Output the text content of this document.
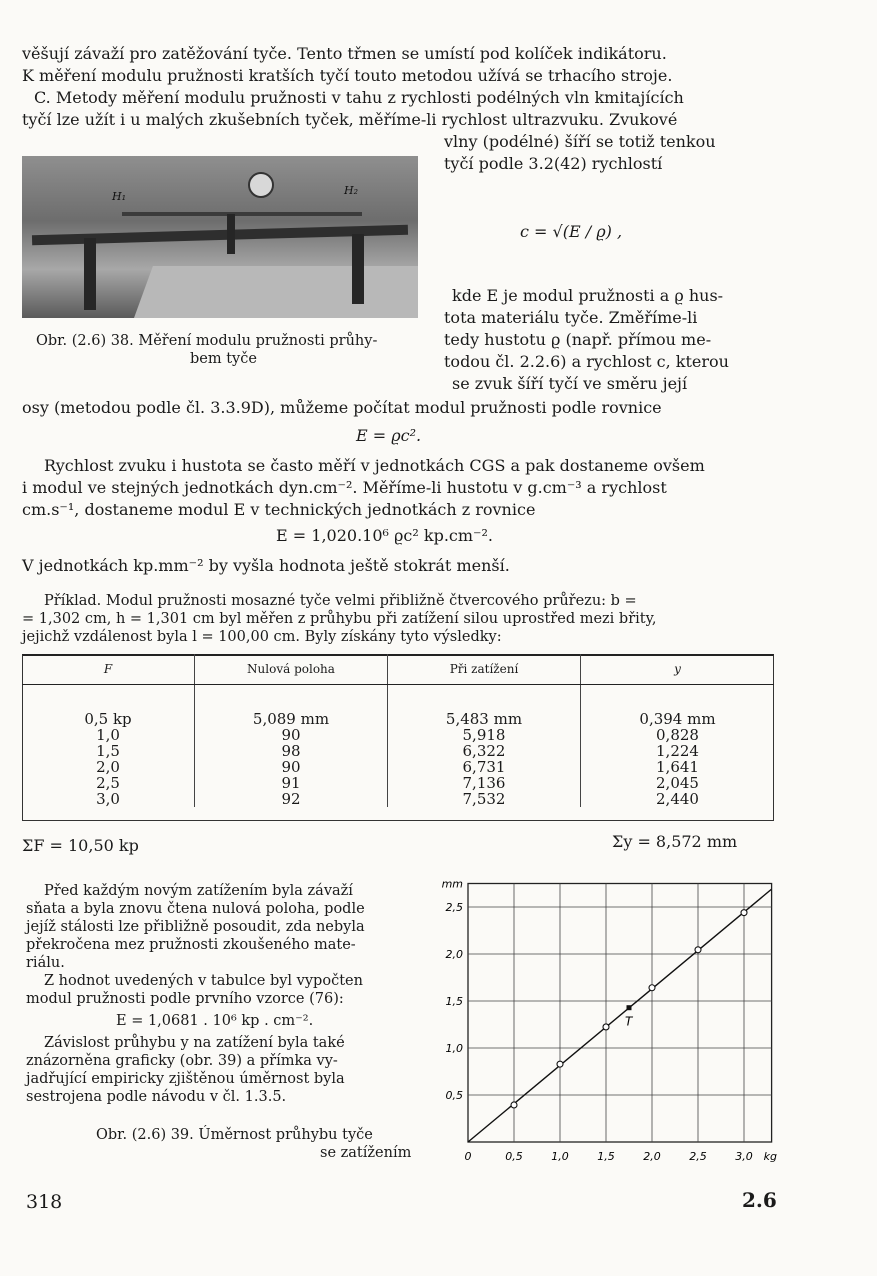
věšují závaží pro zatěžování tyče. Tento třmen se umístí pod kolíček indikátoru.
K měření modulu pružnosti kratších tyčí touto metodou užívá se trhacího stroje.
C. Metody měření modulu pružnosti v tahu z rychlosti podélných vln kmitajících
tyčí lze užít i u malých zkušebních tyček, měříme-li rychlost ultrazvuku. Zvukové
vlny (podélné) šíří se totiž tenkou
tyčí podle 3.2(42) rychlostí
H₁	H₂
c = √(E / ϱ) ,
kde E je modul pružnosti a ϱ hus-
tota materiálu tyče. Změříme-li
tedy hustotu ϱ (např. přímou me-
todou čl. 2.2.6) a rychlost c, kterou
se zvuk šíří tyčí ve směru její
Obr. (2.6) 38. Měření modulu pružnosti průhy-
bem tyče
osy (metodou podle čl. 3.3.9D), můžeme počítat modul pružnosti podle rovnice
E = ϱc².
Rychlost zvuku i hustota se často měří v jednotkách CGS a pak dostaneme ovšem
i modul ve stejných jednotkách dyn.cm⁻². Měříme-li hustotu v g.cm⁻³ a rychlost
cm.s⁻¹, dostaneme modul E v technických jednotkách z rovnice
E = 1,020.10⁶ ϱc² kp.cm⁻².
V jednotkách kp.mm⁻² by vyšla hodnota ještě stokrát menší.
Příklad. Modul pružnosti mosazné tyče velmi přibližně čtvercového průřezu: b =
= 1,302 cm, h = 1,301 cm byl měřen z průhybu při zatížení silou uprostřed mezi břity,
jejichž vzdálenost byla l = 100,00 cm. Byly získány tyto výsledky:
F	Nulová poloha	Při zatížení	y
0,5 kp	5,089 mm	5,483 mm	0,394 mm
1,0	90	5,918	0,828
1,5	98	6,322	1,224
2,0	90	6,731	1,641
2,5	91	7,136	2,045
3,0	92	7,532	2,440
ΣF = 10,50 kp	Σy = 8,572 mm
Před každým novým zatížením byla závaží
sňata a byla znovu čtena nulová poloha, podle
jejíž stálosti lze přibližně posoudit, zda nebyla
překročena mez pružnosti zkoušeného mate-
riálu.
Z hodnot uvedených v tabulce byl vypočten
modul pružnosti podle prvního vzorce (76):
E = 1,0681 . 10⁶ kp . cm⁻².
Závislost průhybu y na zatížení byla také
znázorněna graficky (obr. 39) a přímka vy-
jadřující empiricky zjištěnou úměrnost byla
sestrojena podle návodu v čl. 1.3.5.
Obr. (2.6) 39. Úměrnost průhybu tyče
se zatížením
T
0	0,5	1,0	1,5	2,0	2,5	3,0
0,5
1,0
1,5
2,0
2,5
mm
kg
318	2.6
